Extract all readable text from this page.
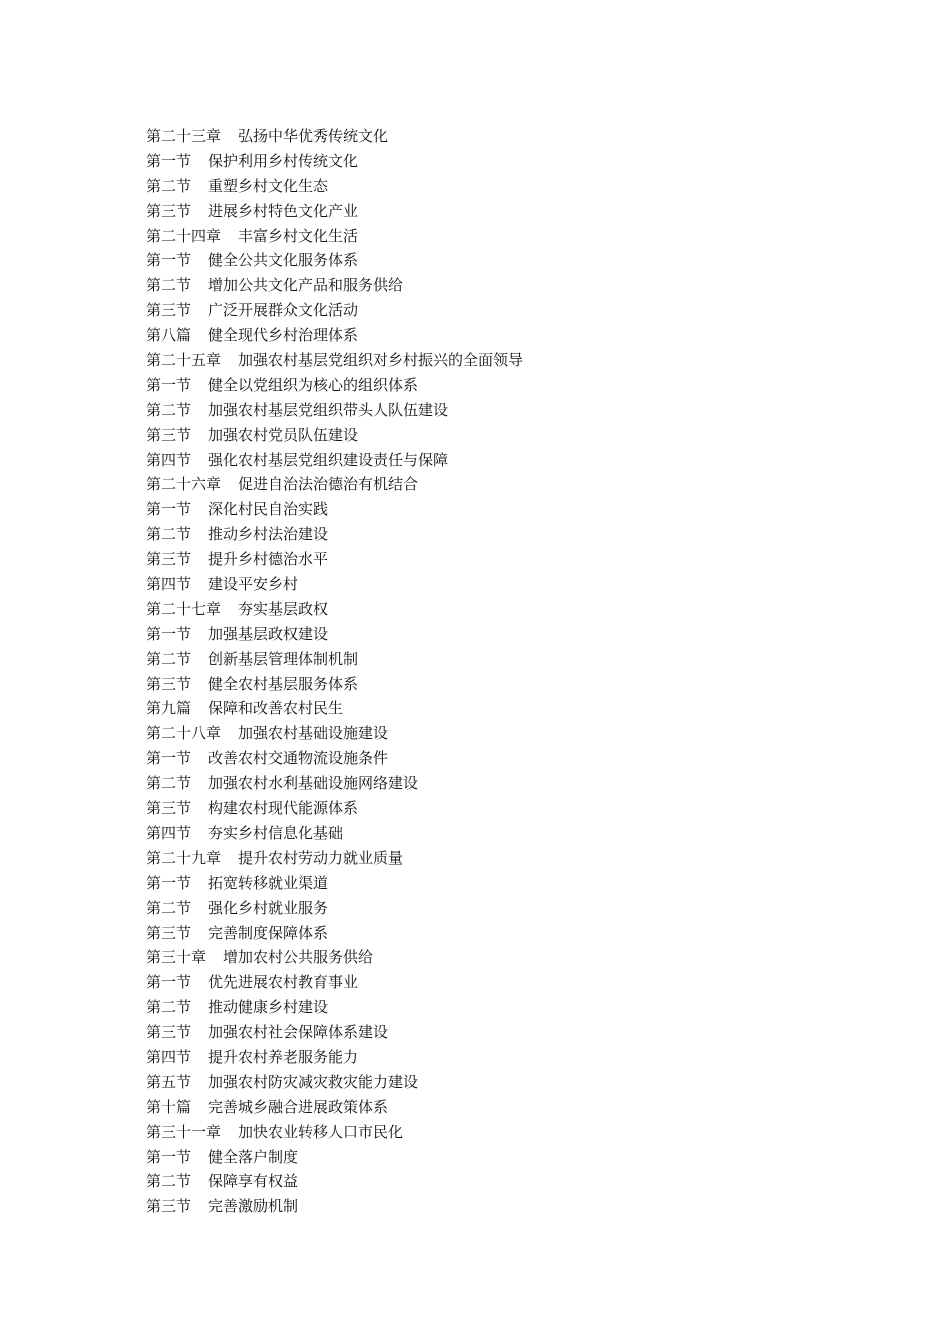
第二十三章 弘扬中华优秀传统文化
第一节 保护利用乡村传统文化
第二节 重塑乡村文化生态
第三节 进展乡村特色文化产业
第二十四章 丰富乡村文化生活
第一节 健全公共文化服务体系
第二节 增加公共文化产品和服务供给
第三节 广泛开展群众文化活动
第八篇 健全现代乡村治理体系
第二十五章 加强农村基层党组织对乡村振兴的全面领导
第一节 健全以党组织为核心的组织体系
第二节 加强农村基层党组织带头人队伍建设
第三节 加强农村党员队伍建设
第四节 强化农村基层党组织建设责任与保障
第二十六章 促进自治法治德治有机结合
第一节 深化村民自治实践
第二节 推动乡村法治建设
第三节 提升乡村德治水平
第四节 建设平安乡村
第二十七章 夯实基层政权
第一节 加强基层政权建设
第二节 创新基层管理体制机制
第三节 健全农村基层服务体系
第九篇 保障和改善农村民生
第二十八章 加强农村基础设施建设
第一节 改善农村交通物流设施条件
第二节 加强农村水利基础设施网络建设
第三节 构建农村现代能源体系
第四节 夯实乡村信息化基础
第二十九章 提升农村劳动力就业质量
第一节 拓宽转移就业渠道
第二节 强化乡村就业服务
第三节 完善制度保障体系
第三十章 增加农村公共服务供给
第一节 优先进展农村教育事业
第二节 推动健康乡村建设
第三节 加强农村社会保障体系建设
第四节 提升农村养老服务能力
第五节 加强农村防灾减灾救灾能力建设
第十篇 完善城乡融合进展政策体系
第三十一章 加快农业转移人口市民化
第一节 健全落户制度
第二节 保障享有权益
第三节 完善激励机制
